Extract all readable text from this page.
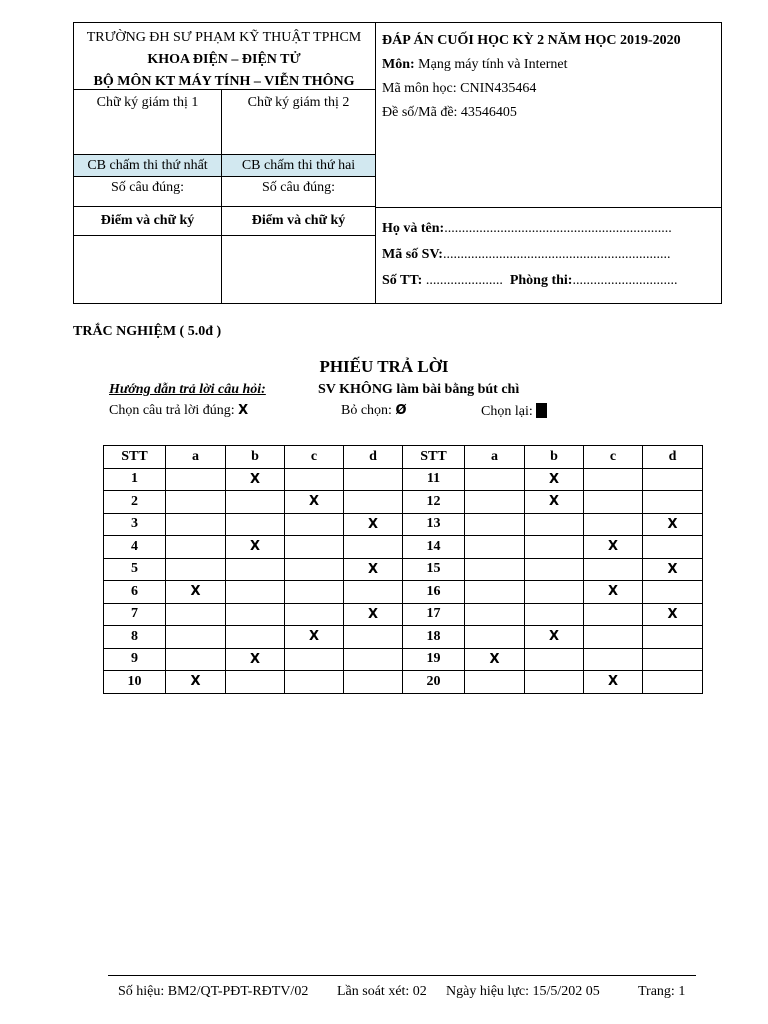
TRƯỜNG ĐH SƯ PHẠM KỸ THUẬT TPHCM
KHOA ĐIỆN – ĐIỆN TỬ
BỘ MÔN KT MÁY TÍNH – VIỄN THÔNG
Chữ ký giám thị 1	Chữ ký giám thị 2
CB chấm thi thứ nhất	CB chấm thi thứ hai
Số câu đúng:	Số câu đúng:
Điểm và chữ ký	Điểm và chữ ký
ĐÁP ÁN CUỐI HỌC KỲ 2 NĂM HỌC 2019-2020
Môn: Mạng máy tính và Internet
Mã môn học: CNIN435464
Đề số/Mã đề: 43546405
Họ và tên:.................................................................
Mã số SV:.................................................................
Số TT: ...................... Phòng thi:..............................
TRẮC NGHIỆM ( 5.0đ )
PHIẾU TRẢ LỜI
Hướng dẫn trả lời câu hỏi:	SV KHÔNG làm bài bằng bút chì
Chọn câu trả lời đúng: X	Bỏ chọn: Ø	Chọn lại:
STT	a	b	c	d	STT	a	b	c	d
1		X			11		X		
2			X		12		X		
3				X	13				X
4		X			14			X	
5				X	15				X
6	X				16			X	
7				X	17				X
8			X		18		X		
9		X			19	X			
10	X				20			X	
Số hiệu: BM2/QT-PĐT-RĐTV/02 Lần soát xét: 02 Ngày hiệu lực: 15/5/202 05	Trang: 1
